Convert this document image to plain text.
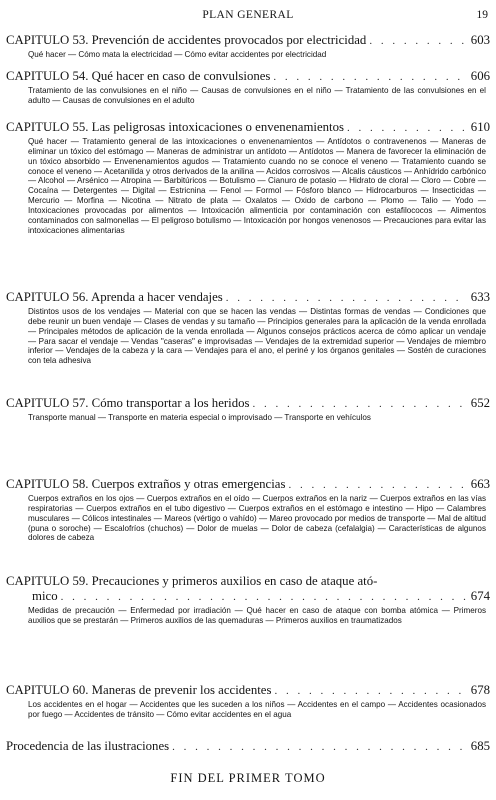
PLAN GENERAL	19
CAPITULO 53. Prevención de accidentes provocados por electricidad . . .	603
Qué hacer — Cómo mata la electricidad — Cómo evitar accidentes por electricidad
CAPITULO 54. Qué hacer en caso de convulsiones . . .	606
Tratamiento de las convulsiones en el niño — Causas de convulsiones en el niño — Tratamiento de las convulsiones en el adulto — Causas de convulsiones en el adulto
CAPITULO 55. Las peligrosas intoxicaciones o envenenamientos . . .	610
Qué hacer — Tratamiento general de las intoxicaciones o envenenamientos — Antídotos o contravenenos — Maneras de eliminar un tóxico del estómago — Maneras de administrar un antídoto — Antídotos — Manera de favorecer la eliminación de un tóxico absorbido — Envenenamientos agudos — Tratamiento cuando no se conoce el veneno — Tratamiento cuando se conoce el veneno — Acetanilida y otros derivados de la anilina — Acidos corrosivos — Alcalis cáusticos — Anhídrido carbónico — Alcohol — Arsénico — Atropina — Barbitúricos — Botulismo — Cianuro de potasio — Hidrato de cloral — Cloro — Cobre — Cocaína — Detergentes — Digital — Estricnina — Fenol — Formol — Fósforo blanco — Hidrocarburos — Insecticidas — Mercurio — Morfina — Nicotina — Nitrato de plata — Oxalatos — Oxido de carbono — Plomo — Talio — Yodo — Intoxicaciones provocadas por alimentos — Intoxicación alimenticia por contaminación con estafilococos — Alimentos contaminados con salmonellas — El peligroso botulismo — Intoxicación por hongos venenosos — Precauciones para evitar las intoxicaciones alimentarias
CAPITULO 56. Aprenda a hacer vendajes . . .	633
Distintos usos de los vendajes — Material con que se hacen las vendas — Distintas formas de vendas — Condiciones que debe reunir un buen vendaje — Clases de vendas y su tamaño — Principios generales para la aplicación de la venda enrollada — Principales métodos de aplicación de la venda enrollada — Algunos consejos prácticos acerca de cómo aplicar un vendaje — Para sacar el vendaje — Vendas "caseras" e improvisadas — Vendajes de la extremidad superior — Vendajes de miembro inferior — Vendajes de la cabeza y la cara — Vendajes para el ano, el periné y los órganos genitales — Sostén de curaciones con tela adhesiva
CAPITULO 57. Cómo transportar a los heridos . . .	652
Transporte manual — Transporte en materia especial o improvisado — Transporte en vehículos
CAPITULO 58. Cuerpos extraños y otras emergencias . . .	663
Cuerpos extraños en los ojos — Cuerpos extraños en el oído — Cuerpos extraños en la nariz — Cuerpos extraños en las vías respiratorias — Cuerpos extraños en el tubo digestivo — Cuerpos extraños en el estómago e intestino — Hipo — Calambres musculares — Cólicos intestinales — Mareos (vértigo o vahído) — Mareo provocado por medios de transporte — Mal de altitud (puna o soroche) — Escalofríos (chuchos) — Dolor de muelas — Dolor de cabeza (cefalalgia) — Características de algunos dolores de cabeza
CAPITULO 59. Precauciones y primeros auxilios en caso de ataque ató-
mico . . .	674
Medidas de precaución — Enfermedad por irradiación — Qué hacer en caso de ataque con bomba atómica — Primeros auxilios que se prestarán — Primeros auxilios de las quemaduras — Primeros auxilios en traumatizados
CAPITULO 60. Maneras de prevenir los accidentes . . .	678
Los accidentes en el hogar — Accidentes que les suceden a los niños — Accidentes en el campo — Accidentes ocasionados por fuego — Accidentes de tránsito — Cómo evitar accidentes en el agua
Procedencia de las ilustraciones . . .	685
FIN DEL PRIMER TOMO
